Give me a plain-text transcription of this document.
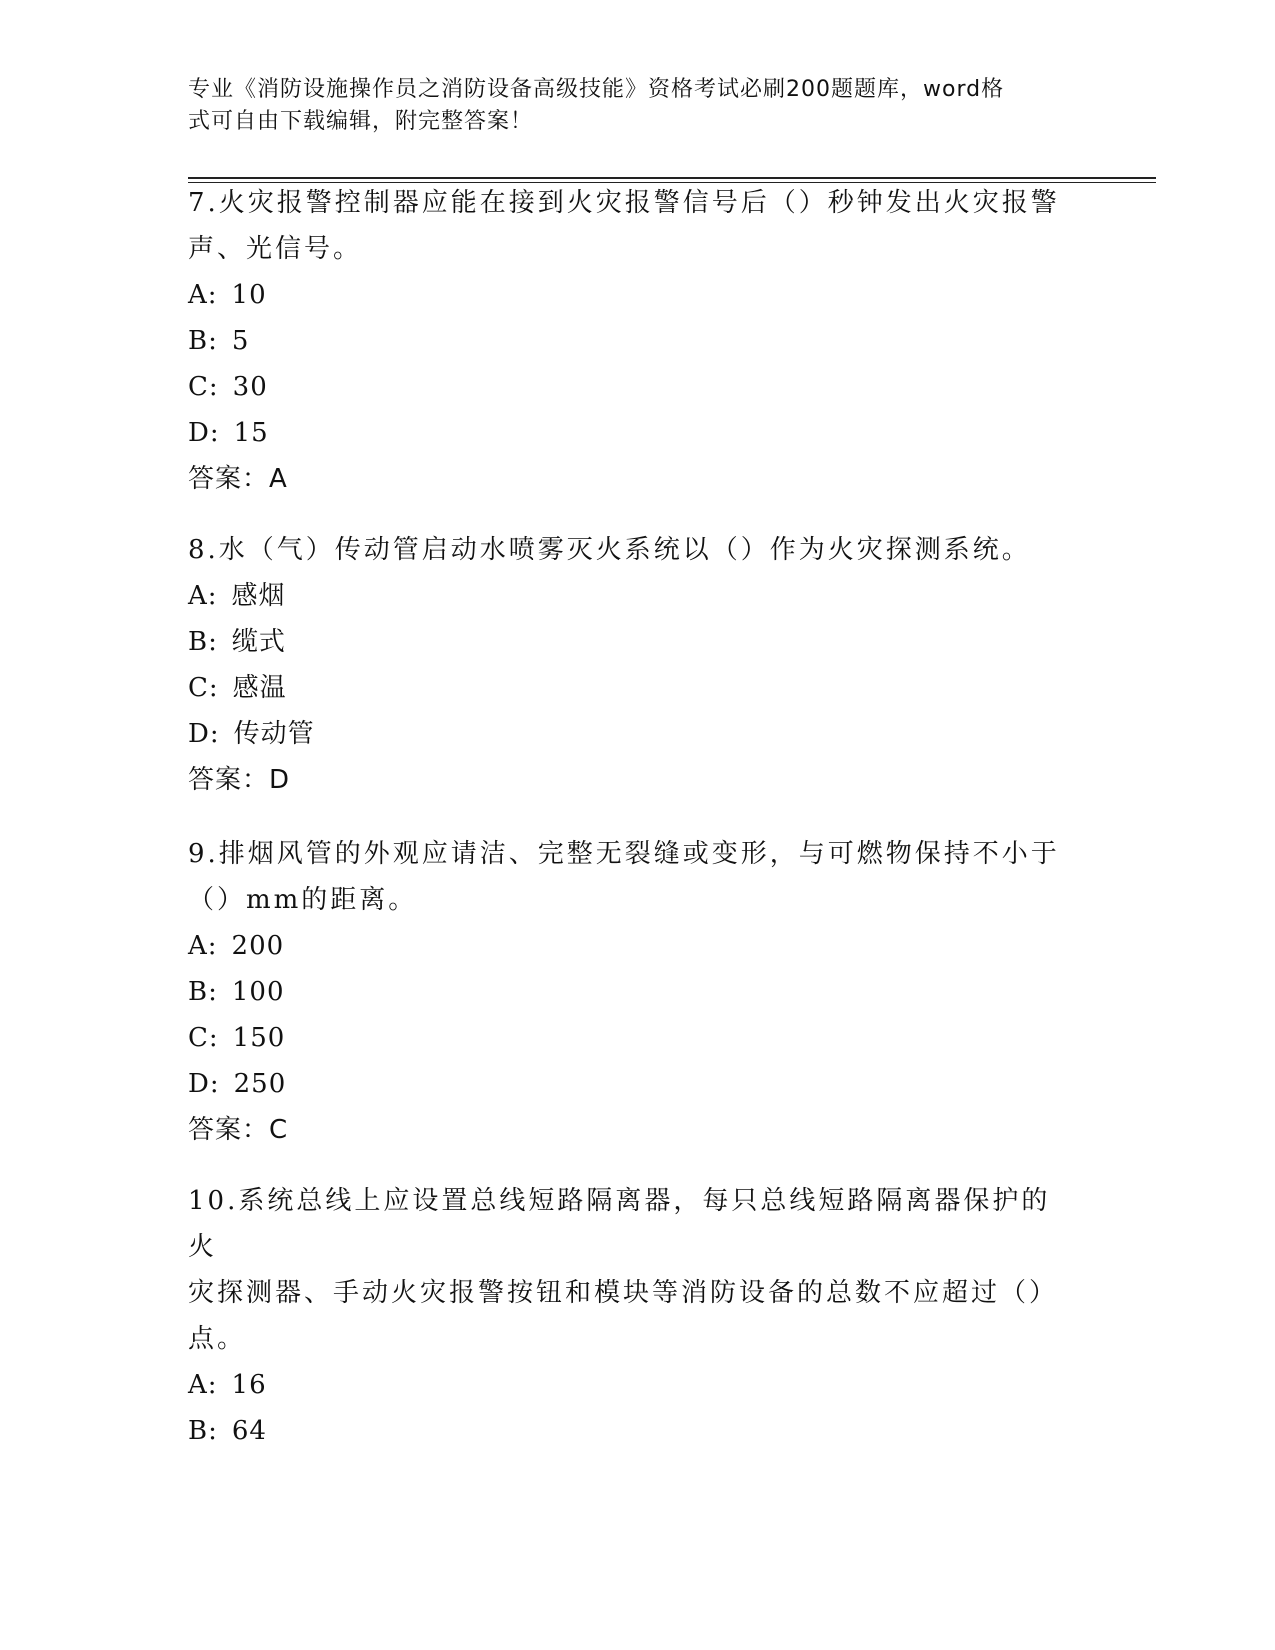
专业《消防设施操作员之消防设备高级技能》资格考试必刷200题题库，word格
式可自由下载编辑，附完整答案！

7.火灾报警控制器应能在接到火灾报警信号后（）秒钟发出火灾报警

声、光信号。

A: 10

B: 5

C: 30

D: 15

答案：A

8.水（气）传动管启动水喷雾灭火系统以（）作为火灾探测系统。

A: 感烟

B: 缆式

C: 感温

D: 传动管

答案：D

9.排烟风管的外观应请洁、完整无裂缝或变形，与可燃物保持不小于

（）mm的距离。

A: 200

B: 100

C: 150

D: 250

答案：C

10.系统总线上应设置总线短路隔离器，每只总线短路隔离器保护的火

灾探测器、手动火灾报警按钮和模块等消防设备的总数不应超过（）

点。

A: 16

B: 64
